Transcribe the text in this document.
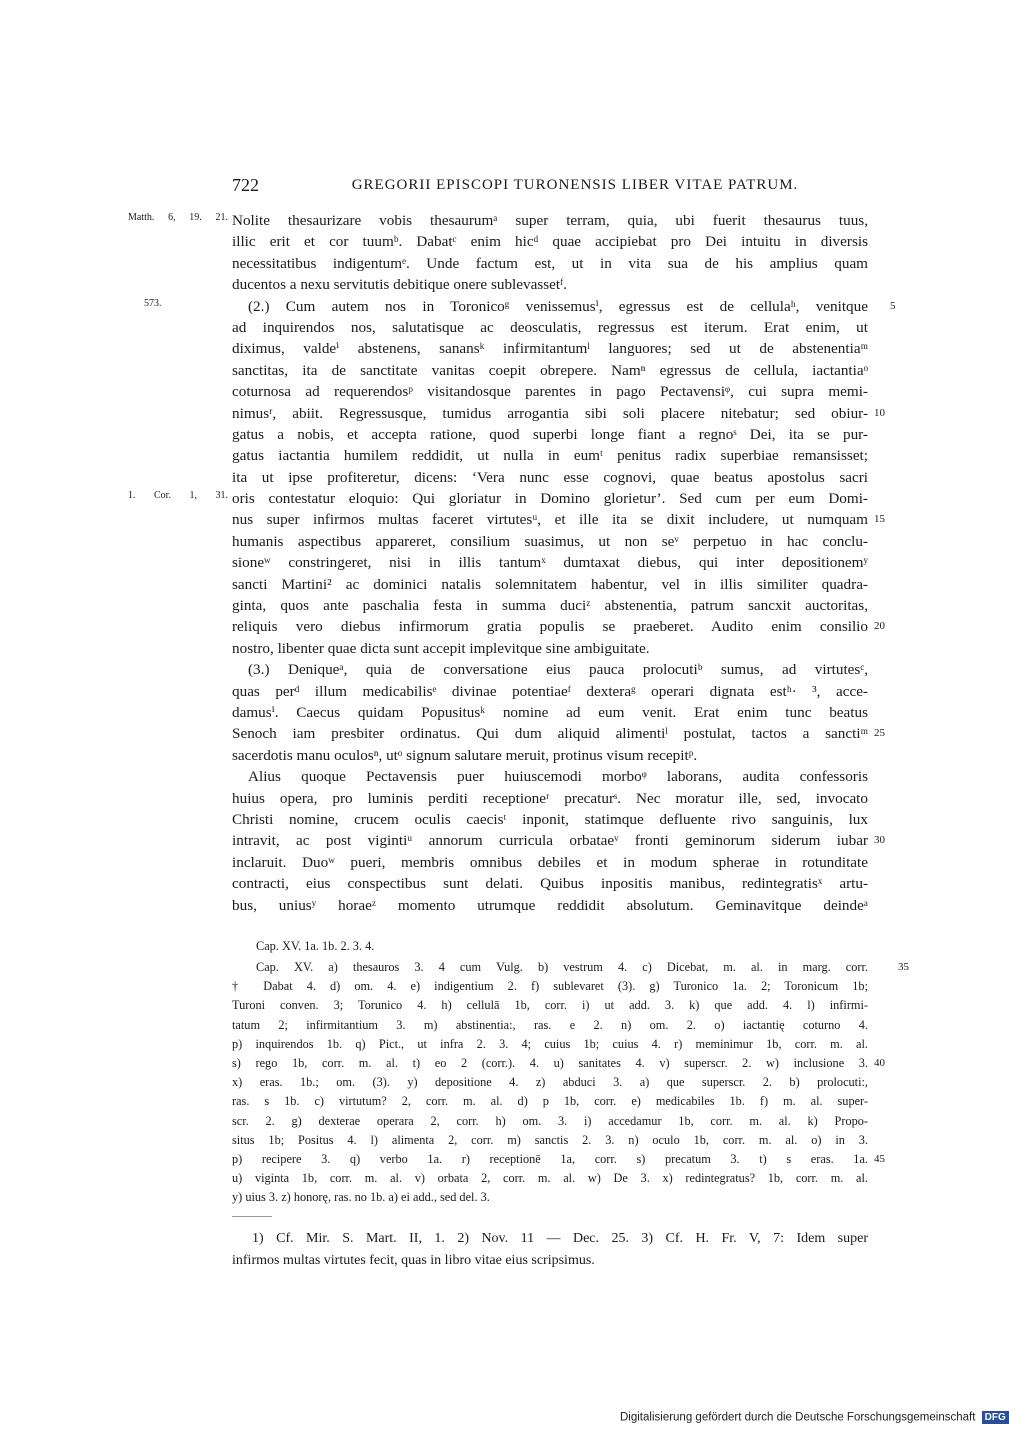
722	GREGORII EPISCOPI TURONENSIS LIBER VITAE PATRUM.
Matth. 6, 19. 21. Nolite thesaurizare vobis thesaurumᵃ super terram, quia, ubi fuerit thesaurus tuus,
illic erit et cor tuumᵇ. Dabatᶜ enim hicᵈ quae accipiebat pro Dei intuitu in diversis
necessitatibus indigentumᵉ. Unde factum est, ut in vita sua de his amplius quam
ducentos a nexu servitutis debitique onere sublevassetᶠ.
573.	(2.) Cum autem nos in Toronicoᵍ venissemusⁱ, egressus est de cellulaʰ, venitque	5
ad inquirendos nos, salutatisque ac deosculatis, regressus est iterum. Erat enim, ut
diximus, valdeⁱ abstenens, sanansᵏ infirmitantumˡ languores; sed ut de abstenentiaᵐ
sanctitas, ita de sanctitate vanitas coepit obrepere. Namⁿ egressus de cellula, iactantiaᵒ
coturnosa ad requerendosᵖ visitandosque parentes in pago Pectavensiᵠ, cui supra memi-
nimusʳ, abiit. Regressusque, tumidus arrogantia sibi soli placere nitebatur; sed obiur- 10
gatus a nobis, et accepta ratione, quod superbi longe fiant a regnoˢ Dei, ita se pur-
gatus iactantia humilem reddidit, ut nulla in eumᵗ penitus radix superbiae remansisset;
ita ut ipse profiteretur, dicens: ‘Vera nunc esse cognovi, quae beatus apostolus sacri
1. Cor. 1, 31. oris contestatur eloquio: Qui gloriatur in Domino glorietur’. Sed cum per eum Domi-
nus super infirmos multas faceret virtutesᵘ, et ille ita se dixit includere, ut numquam 15
humanis aspectibus appareret, consilium suasimus, ut non seᵛ perpetuo in hac conclu-
sioneʷ constringeret, nisi in illis tantumˣ dumtaxat diebus, qui inter depositionemʸ
sancti Martini² ac dominici natalis solemnitatem habentur, vel in illis similiter quadra-
ginta, quos ante paschalia festa in summa duciᶻ abstenentia, patrum sancxit auctoritas,
reliquis vero diebus infirmorum gratia populis se praeberet. Audito enim consilio 20
nostro, libenter quae dicta sunt accepit implevitque sine ambiguitate.
(3.) Deniqueᵃ, quia de conversatione eius pauca prolocutiᵇ sumus, ad virtutesᶜ,
quas perᵈ illum medicabilisᵉ divinae potentiaeᶠ dexteraᵍ operari dignata estʰ· ³, acce-
damusⁱ. Caecus quidam Popusitusᵏ nomine ad eum venit. Erat enim tunc beatus
Senoch iam presbiter ordinatus. Qui dum aliquid alimentiˡ postulat, tactos a sanctiᵐ 25
sacerdotis manu oculosⁿ, utᵒ signum salutare meruit, protinus visum recepitᵖ.
Alius quoque Pectavensis puer huiuscemodi morboᵠ laborans, audita confessoris
huius opera, pro luminis perditi receptioneʳ precaturˢ. Nec moratur ille, sed, invocato
Christi nomine, crucem oculis caecisᵗ inponit, statimque defluente rivo sanguinis, lux
intravit, ac post vigintiᵘ annorum curricula orbataeᵛ fronti geminorum siderum iubar 30
inclaruit. Duoʷ pueri, membris omnibus debiles et in modum spherae in rotunditate
contracti, eius conspectibus sunt delati. Quibus inpositis manibus, redintegratisˣ artu-
bus, uniusʸ horaeᶻ momento utrumque reddidit absolutum. Geminavitque deindeᵃ
Cap. XV. 1a. 1b. 2. 3. 4.
Cap. XV. a) thesauros 3. 4 cum Vulg. b) vestrum 4. c) Dicebat, m. al. in marg. corr.	35
† Dabat 4. d) om. 4. e) indigentium 2. f) sublevaret (3). g) Turonico 1a. 2; Toronicum 1b;
Turoni conven. 3; Torunico 4. h) cellulā 1b, corr. i) ut add. 3. k) que add. 4. l) infirmi-
tatum 2; infirmitantium 3. m) abstinentia:, ras. e 2. n) om. 2. o) iactantię coturno 4.
p) inquirendos 1b. q) Pict., ut infra 2. 3. 4; cuius 1b; cuius 4. r) meminimur 1b, corr. m. al.
s) rego 1b, corr. m. al. t) eo 2 (corr.). 4. u) sanitates 4. v) superscr. 2. w) inclusione 3. 40
x) eras. 1b.; om. (3). y) depositione 4. z) abduci 3. a) que superscr. 2. b) prolocuti:,
ras. s 1b. c) virtutum? 2, corr. m. al. d) p 1b, corr. e) medicabiles 1b. f) m. al. super-
scr. 2. g) dexterae operara 2, corr. h) om. 3. i) accedamur 1b, corr. m. al. k) Propo-
situs 1b; Positus 4. l) alimenta 2, corr. m) sanctis 2. 3. n) oculo 1b, corr. m. al. o) in 3.
p) recipere 3. q) verbo 1a. r) receptionē 1a, corr. s) precatum 3. t) s eras. 1a. 45
u) viginta 1b, corr. m. al. v) orbata 2, corr. m. al. w) De 3. x) redintegratus? 1b, corr. m. al.
y) uius 3. z) honorę, ras. no 1b. a) ei add., sed del. 3.
1) Cf. Mir. S. Mart. II, 1. 2) Nov. 11 — Dec. 25. 3) Cf. H. Fr. V, 7: Idem super
infirmos multas virtutes fecit, quas in libro vitae eius scripsimus.
Digitalisierung gefördert durch die Deutsche Forschungsgemeinschaft DFG
